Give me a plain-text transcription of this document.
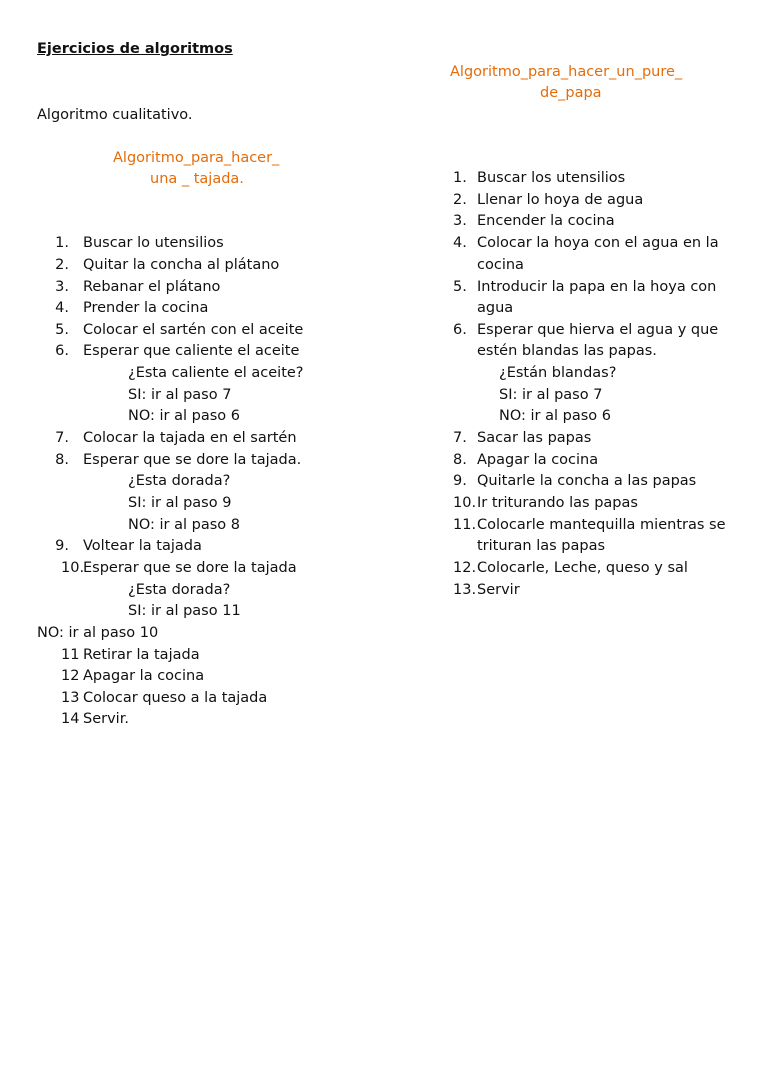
Ejercicios de algoritmos
Algoritmo cualitativo.
Algoritmo_para_hacer_
una _ tajada.
1. Buscar lo utensilios
2. Quitar la concha al plátano
3. Rebanar el plátano
4. Prender la cocina
5. Colocar el sartén con el aceite
6. Esperar que caliente el aceite
¿Esta caliente el aceite?
SI: ir al paso 7
NO: ir al paso 6
7. Colocar la tajada en el sartén
8. Esperar que se dore la tajada.
¿Esta dorada?
SI: ir al paso 9
NO: ir al paso 8
9. Voltear la tajada
10.
Esperar que se dore la tajada
¿Esta dorada?
SI: ir al paso 11
NO: ir al paso 10
11 Retirar la tajada
12 Apagar la cocina
13 Colocar queso a la tajada
14 Servir.
Algoritmo_para_hacer_un_pure_
de_papa
1. Buscar los utensilios
2. Llenar lo hoya de agua
3. Encender la cocina
4. Colocar la hoya con el agua en la
cocina
5. Introducir la papa en la hoya con
agua
6. Esperar que hierva el agua y que
estén blandas las papas.
¿Están blandas?
SI: ir al paso 7
NO: ir al paso 6
7. Sacar las papas
8. Apagar la cocina
9. Quitarle la concha a las papas
10. Ir triturando las papas
11. Colocarle mantequilla mientras se
trituran las papas
12. Colocarle, Leche, queso y sal
13. Servir
